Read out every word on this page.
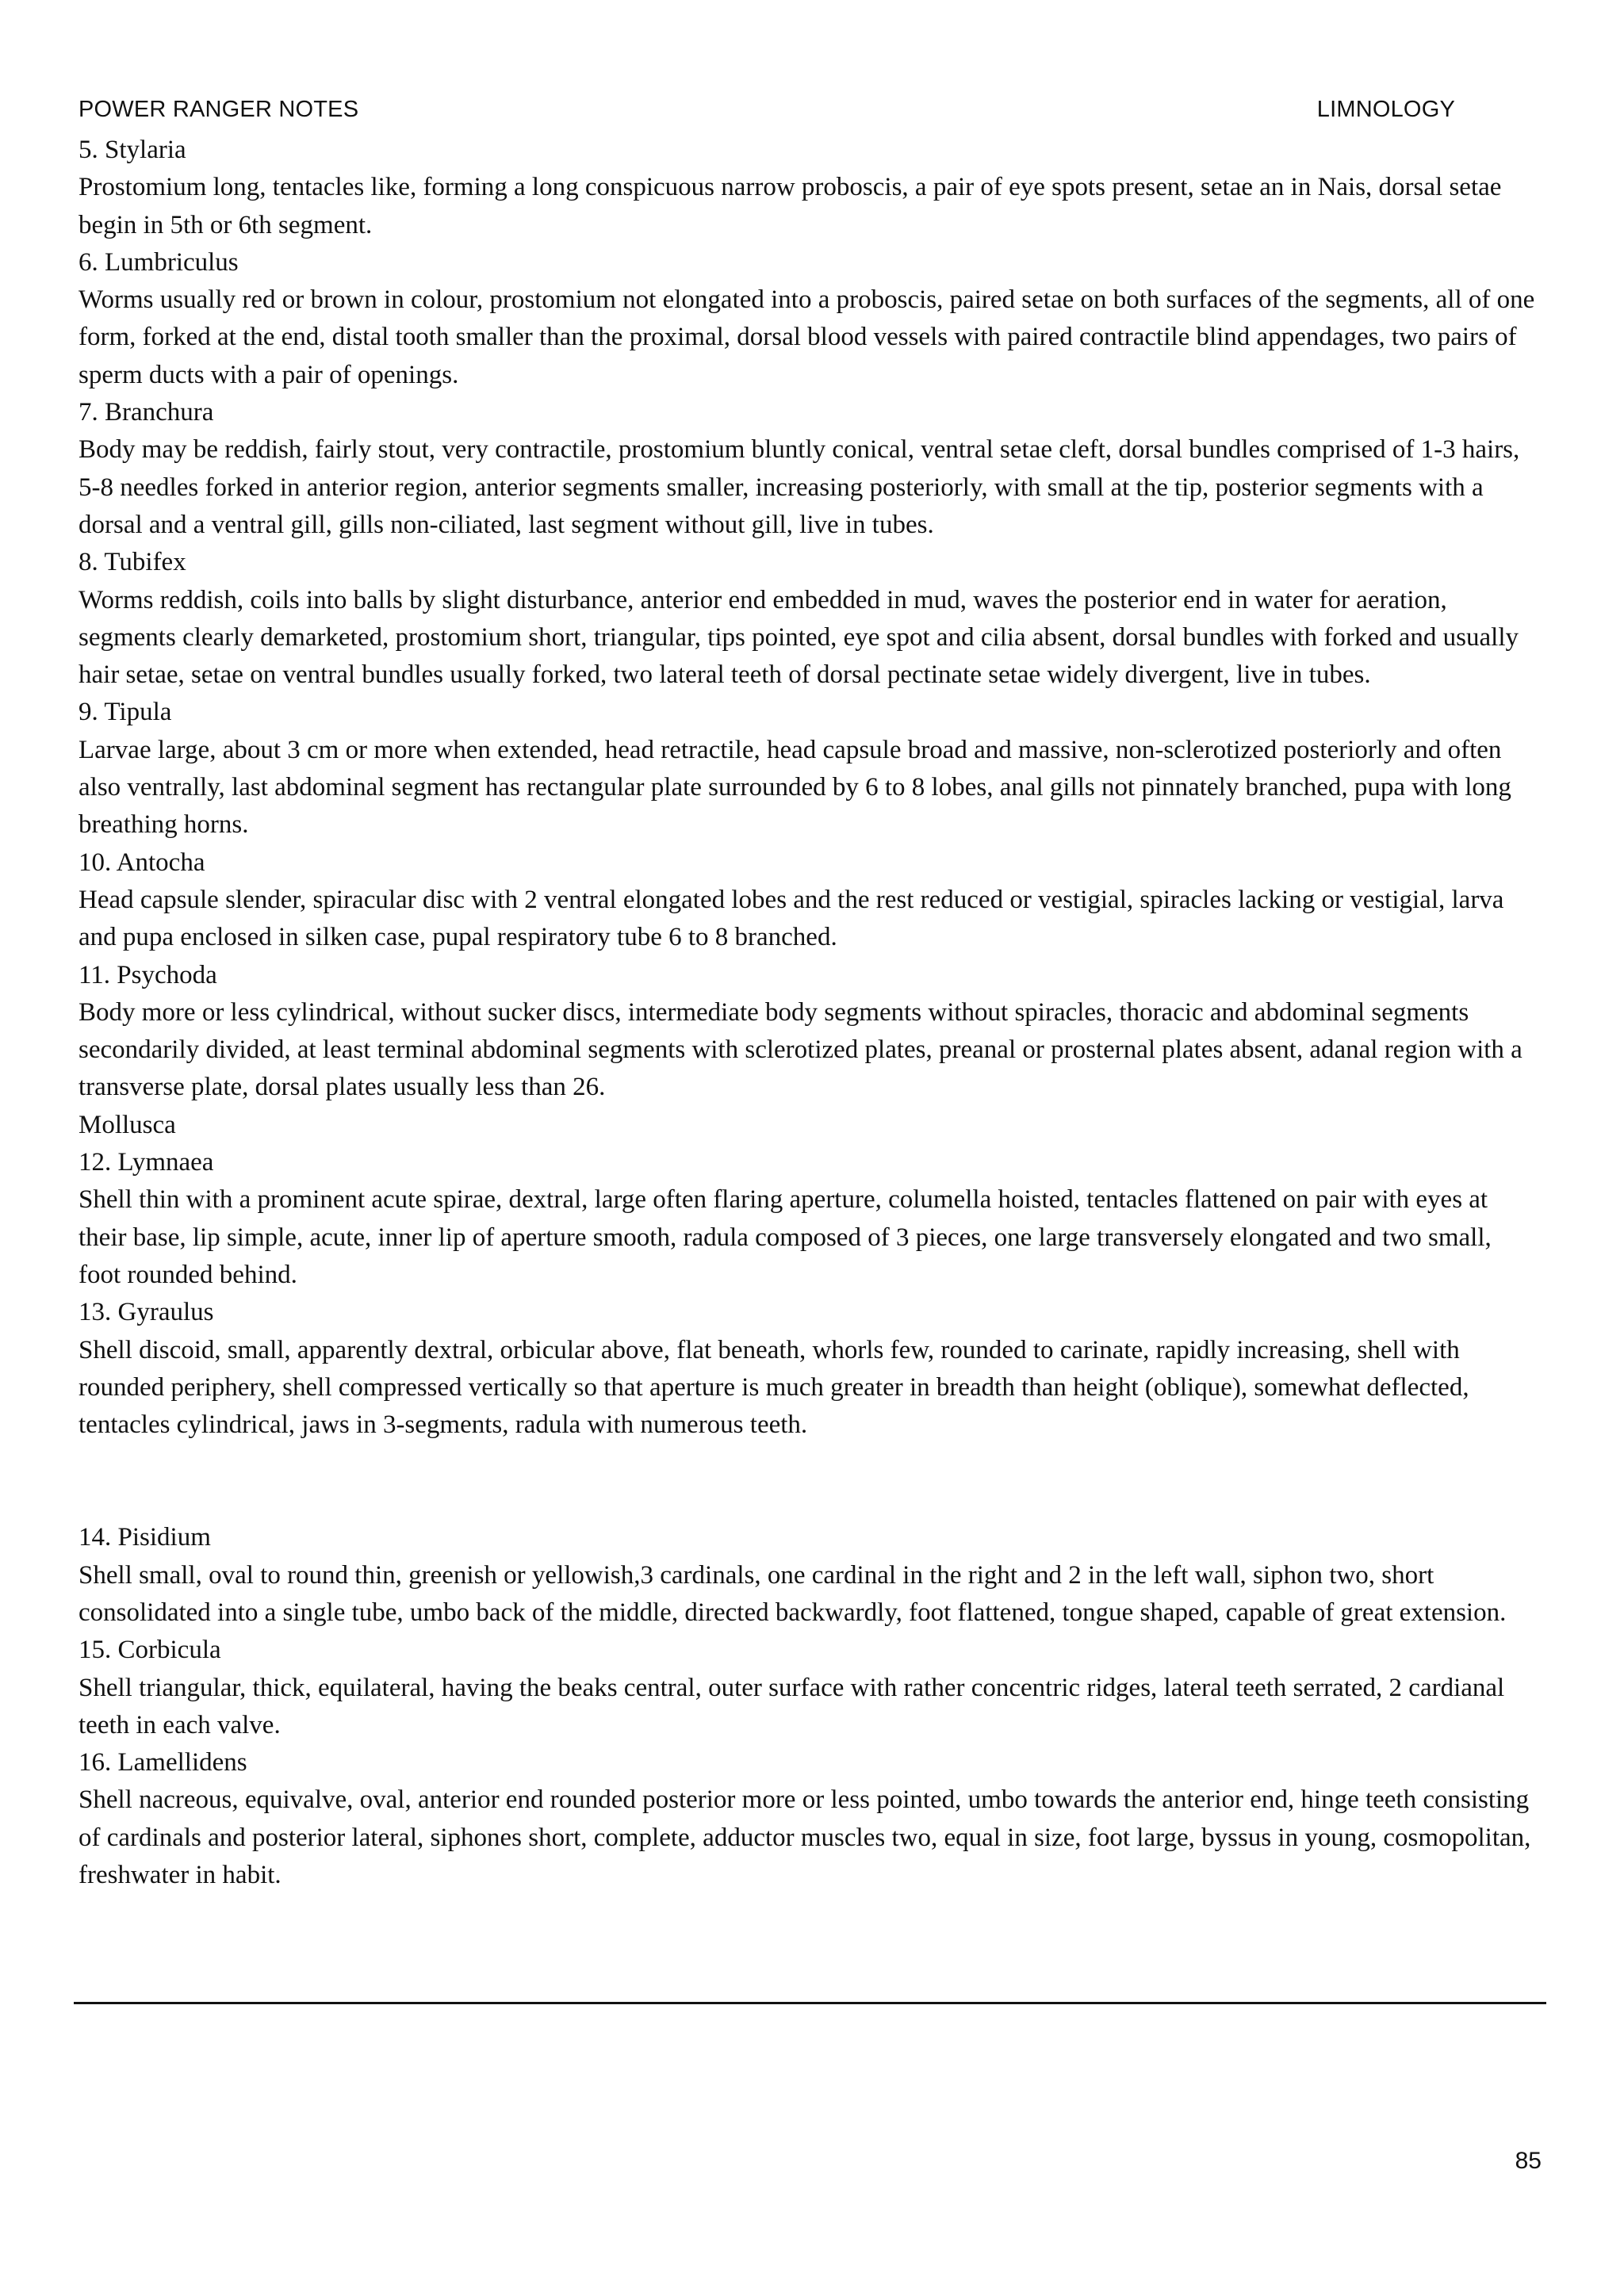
POWER RANGER NOTES	LIMNOLOGY

5. Stylaria

Prostomium long, tentacles like, forming a long conspicuous narrow proboscis, a pair of eye spots present, setae an in Nais, dorsal setae begin in 5th or 6th segment.

6. Lumbriculus

Worms usually red or brown in colour, prostomium not elongated into a proboscis, paired setae on both surfaces of the segments, all of one form, forked at the end, distal tooth smaller than the proximal, dorsal blood vessels with paired contractile blind appendages, two pairs of sperm ducts with a pair of openings.

7. Branchura

Body may be reddish, fairly stout, very contractile, prostomium bluntly conical, ventral setae cleft, dorsal bundles comprised of 1-3 hairs, 5-8 needles forked in anterior region, anterior segments smaller, increasing posteriorly, with small at the tip, posterior segments with a dorsal and a ventral gill, gills non-ciliated, last segment without gill, live in tubes.

8. Tubifex

Worms reddish, coils into balls by slight disturbance, anterior end embedded in mud, waves the posterior end in water for aeration, segments clearly demarketed, prostomium short, triangular, tips pointed, eye spot and cilia absent, dorsal bundles with forked and usually hair setae, setae on ventral bundles usually forked, two lateral teeth of dorsal pectinate setae widely divergent, live in tubes.

9. Tipula

Larvae large, about 3 cm or more when extended, head retractile, head capsule broad and massive, non-sclerotized posteriorly and often also ventrally, last abdominal segment has rectangular plate surrounded by 6 to 8 lobes, anal gills not pinnately branched, pupa with long breathing horns.

10. Antocha

Head capsule slender, spiracular disc with 2 ventral elongated lobes and the rest reduced or vestigial, spiracles lacking or vestigial, larva and pupa enclosed in silken case, pupal respiratory tube 6 to 8 branched.

11. Psychoda

Body more or less cylindrical, without sucker discs, intermediate body segments without spiracles, thoracic and abdominal segments secondarily divided, at least terminal abdominal segments with sclerotized plates, preanal or prosternal plates absent, adanal region with a transverse plate, dorsal plates usually less than 26.

Mollusca

12. Lymnaea

Shell thin with a prominent acute spirae, dextral, large often flaring aperture, columella hoisted, tentacles flattened on pair with eyes at their base, lip simple, acute, inner lip of aperture smooth, radula composed of 3 pieces, one large transversely elongated and two small, foot rounded behind.

13. Gyraulus

Shell discoid, small, apparently dextral, orbicular above, flat beneath, whorls few, rounded to carinate, rapidly increasing, shell with rounded periphery, shell compressed vertically so that aperture is much greater in breadth than height (oblique), somewhat deflected, tentacles cylindrical, jaws in 3-segments, radula with numerous teeth.

14. Pisidium

Shell small, oval to round thin, greenish or yellowish,3 cardinals, one cardinal in the right and 2 in the left wall, siphon two, short consolidated into a single tube, umbo back of the middle, directed backwardly, foot flattened, tongue shaped, capable of great extension.

15. Corbicula

Shell triangular, thick, equilateral, having the beaks central, outer surface with rather concentric ridges, lateral teeth serrated, 2 cardianal teeth in each valve.

16. Lamellidens

Shell nacreous, equivalve, oval, anterior end rounded posterior more or less pointed, umbo towards the anterior end, hinge teeth consisting of cardinals and posterior lateral, siphones short, complete, adductor muscles two, equal in size, foot large, byssus in young, cosmopolitan, freshwater in habit.

85
